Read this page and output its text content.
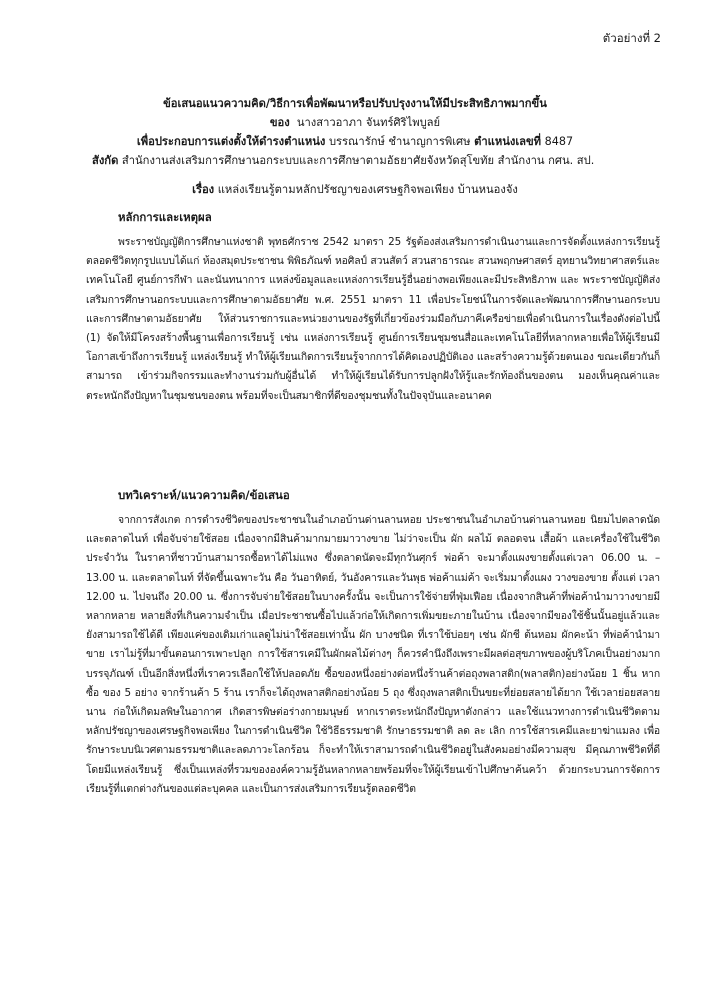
ตัวอย่างที่ 2
ข้อเสนอแนวความคิด/วิธีการเพื่อพัฒนาหรือปรับปรุงงานให้มีประสิทธิภาพมากขึ้น
ของ นางสาวอาภา จันทร์ศิริไพบูลย์
เพื่อประกอบการแต่งตั้งให้ดำรงตำแหน่ง บรรณารักษ์ ชำนาญการพิเศษ ตำแหน่งเลขที่ 8487
สังกัด สำนักงานส่งเสริมการศึกษานอกระบบและการศึกษาตามอัธยาศัยจังหวัดสุโขทัย สำนักงาน กศน. สป.
เรื่อง แหล่งเรียนรู้ตามหลักปรัชญาของเศรษฐกิจพอเพียง บ้านหนองจัง
หลักการและเหตุผล

พระราชบัญญัติการศึกษาแห่งชาติ พุทธศักราช 2542 มาตรา 25 รัฐต้องส่งเสริมการดำเนินงานและการจัดตั้งแหล่งการเรียนรู้ตลอดชีวิตทุกรูปแบบได้แก่ ห้องสมุดประชาชน พิพิธภัณฑ์ หอศิลป์ สวนสัตว์ สวนสาธารณะ สวนพฤกษศาสตร์ อุทยานวิทยาศาสตร์และเทคโนโลยี ศูนย์การกีฬา และนันทนาการ แหล่งข้อมูลและแหล่งการเรียนรู้อื่นอย่างพอเพียงและมีประสิทธิภาพ และ พระราชบัญญัติส่งเสริมการศึกษานอกระบบและการศึกษาตามอัธยาศัย พ.ศ. 2551 มาตรา 11 เพื่อประโยชน์ในการจัดและพัฒนาการศึกษานอกระบบและการศึกษาตามอัธยาศัย ให้ส่วนราชการและหน่วยงานของรัฐที่เกี่ยวข้องร่วมมือกับภาคีเครือข่ายเพื่อดำเนินการในเรื่องดังต่อไปนี้ (1) จัดให้มีโครงสร้างพื้นฐานเพื่อการเรียนรู้ เช่น แหล่งการเรียนรู้ ศูนย์การเรียนชุมชนสื่อและเทคโนโลยีที่หลากหลายเพื่อให้ผู้เรียนมีโอกาสเข้าถึงการเรียนรู้ แหล่งเรียนรู้ ทำให้ผู้เรียนเกิดการเรียนรู้จากการได้คิดเองปฏิบัติเอง และสร้างความรู้ด้วยตนเอง ขณะเดียวกันก็สามารถ เข้าร่วมกิจกรรมและทำงานร่วมกับผู้อื่นได้ ทำให้ผู้เรียนได้รับการปลูกฝังให้รู้และรักท้องถิ่นของตน มองเห็นคุณค่าและตระหนักถึงปัญหาในชุมชนของตน พร้อมที่จะเป็นสมาชิกที่ดีของชุมชนทั้งในปัจจุบันและอนาคต

บทวิเคราะห์/แนวความคิด/ข้อเสนอ

จากการสังเกต การดำรงชีวิตของประชาชนในอำเภอบ้านด่านลานหอย ประชาชนในอำเภอบ้านด่านลานหอย นิยมไปตลาดนัดและตลาดไนท์ เพื่อจับจ่ายใช้สอย เนื่องจากมีสินค้ามากมายมาวางขาย ไม่ว่าจะเป็น ผัก ผลไม้ ตลอดจน เสื้อผ้า และเครื่องใช้ในชีวิตประจำวัน ในราคาที่ชาวบ้านสามารถซื้อหาได้ไม่แพง ซึ่งตลาดนัดจะมีทุกวันศุกร์ พ่อค้า จะมาตั้งแผงขายตั้งแต่เวลา 06.00 น. – 13.00 น. และตลาดไนท์ ที่จัดขึ้นเฉพาะวัน คือ วันอาทิตย์, วันอังคารและวันพุธ พ่อค้าแม่ค้า จะเริ่มมาตั้งแผง วางของขาย ตั้งแต่ เวลา 12.00 น. ไปจนถึง 20.00 น. ซึ่งการจับจ่ายใช้สอยในบางครั้งนั้น จะเป็นการใช้จ่ายที่ฟุ่มเฟือย เนื่องจากสินค้าที่พ่อค้านำมาวางขายมีหลากหลาย หลายสิ่งที่เกินความจำเป็น เมื่อประชาชนซื้อไปแล้วก่อให้เกิดการเพิ่มขยะภายในบ้าน เนื่องจากมีของใช้ชิ้นนั้นอยู่แล้วและยังสามารถใช้ได้ดี เพียงแค่ของเดิมเก่าแลดูไม่น่าใช้สอยเท่านั้น ผัก บางชนิด ที่เราใช้บ่อยๆ เช่น ผักชี ต้นหอม ผักคะน้า ที่พ่อค้านำมาขาย เราไม่รู้ที่มาขั้นตอนการเพาะปลูก การใช้สารเคมีในผักผลไม้ต่างๆ ก็ควรคำนึงถึงเพราะมีผลต่อสุขภาพของผู้บริโภคเป็นอย่างมาก บรรจุภัณฑ์ เป็นอีกสิ่งหนึ่งที่เราควรเลือกใช้ให้ปลอดภัย ซื้อของหนึ่งอย่างต่อหนึ่งร้านค้าต่อถุงพลาสติก(พลาสติก)อย่างน้อย 1 ชิ้น หากซื้อ ของ 5 อย่าง จากร้านค้า 5 ร้าน เราก็จะได้ถุงพลาสติกอย่างน้อย 5 ถุง ซึ่งถุงพลาสติกเป็นขยะที่ย่อยสลายได้ยาก ใช้เวลาย่อยสลายนาน ก่อให้เกิดมลพิษในอากาศ เกิดสารพิษต่อร่างกายมนุษย์ หากเราตระหนักถึงปัญหาดังกล่าว และใช้แนวทางการดำเนินชีวิตตามหลักปรัชญาของเศรษฐกิจพอเพียง ในการดำเนินชีวิต ใช้วิธีธรรมชาติ รักษาธรรมชาติ ลด ละ เลิก การใช้สารเคมีและยาฆ่าแมลง เพื่อรักษาระบบนิเวศตามธรรมชาติและลดภาวะโลกร้อน ก็จะทำให้เราสามารถดำเนินชีวิตอยู่ในสังคมอย่างมีความสุข มีคุณภาพชีวิตที่ดี โดยมีแหล่งเรียนรู้ ซึ่งเป็นแหล่งที่รวมขององค์ความรู้อันหลากหลายพร้อมที่จะให้ผู้เรียนเข้าไปศึกษาค้นคว้า ด้วยกระบวนการจัดการเรียนรู้ที่แตกต่างกันของแต่ละบุคคล และเป็นการส่งเสริมการเรียนรู้ตลอดชีวิต
